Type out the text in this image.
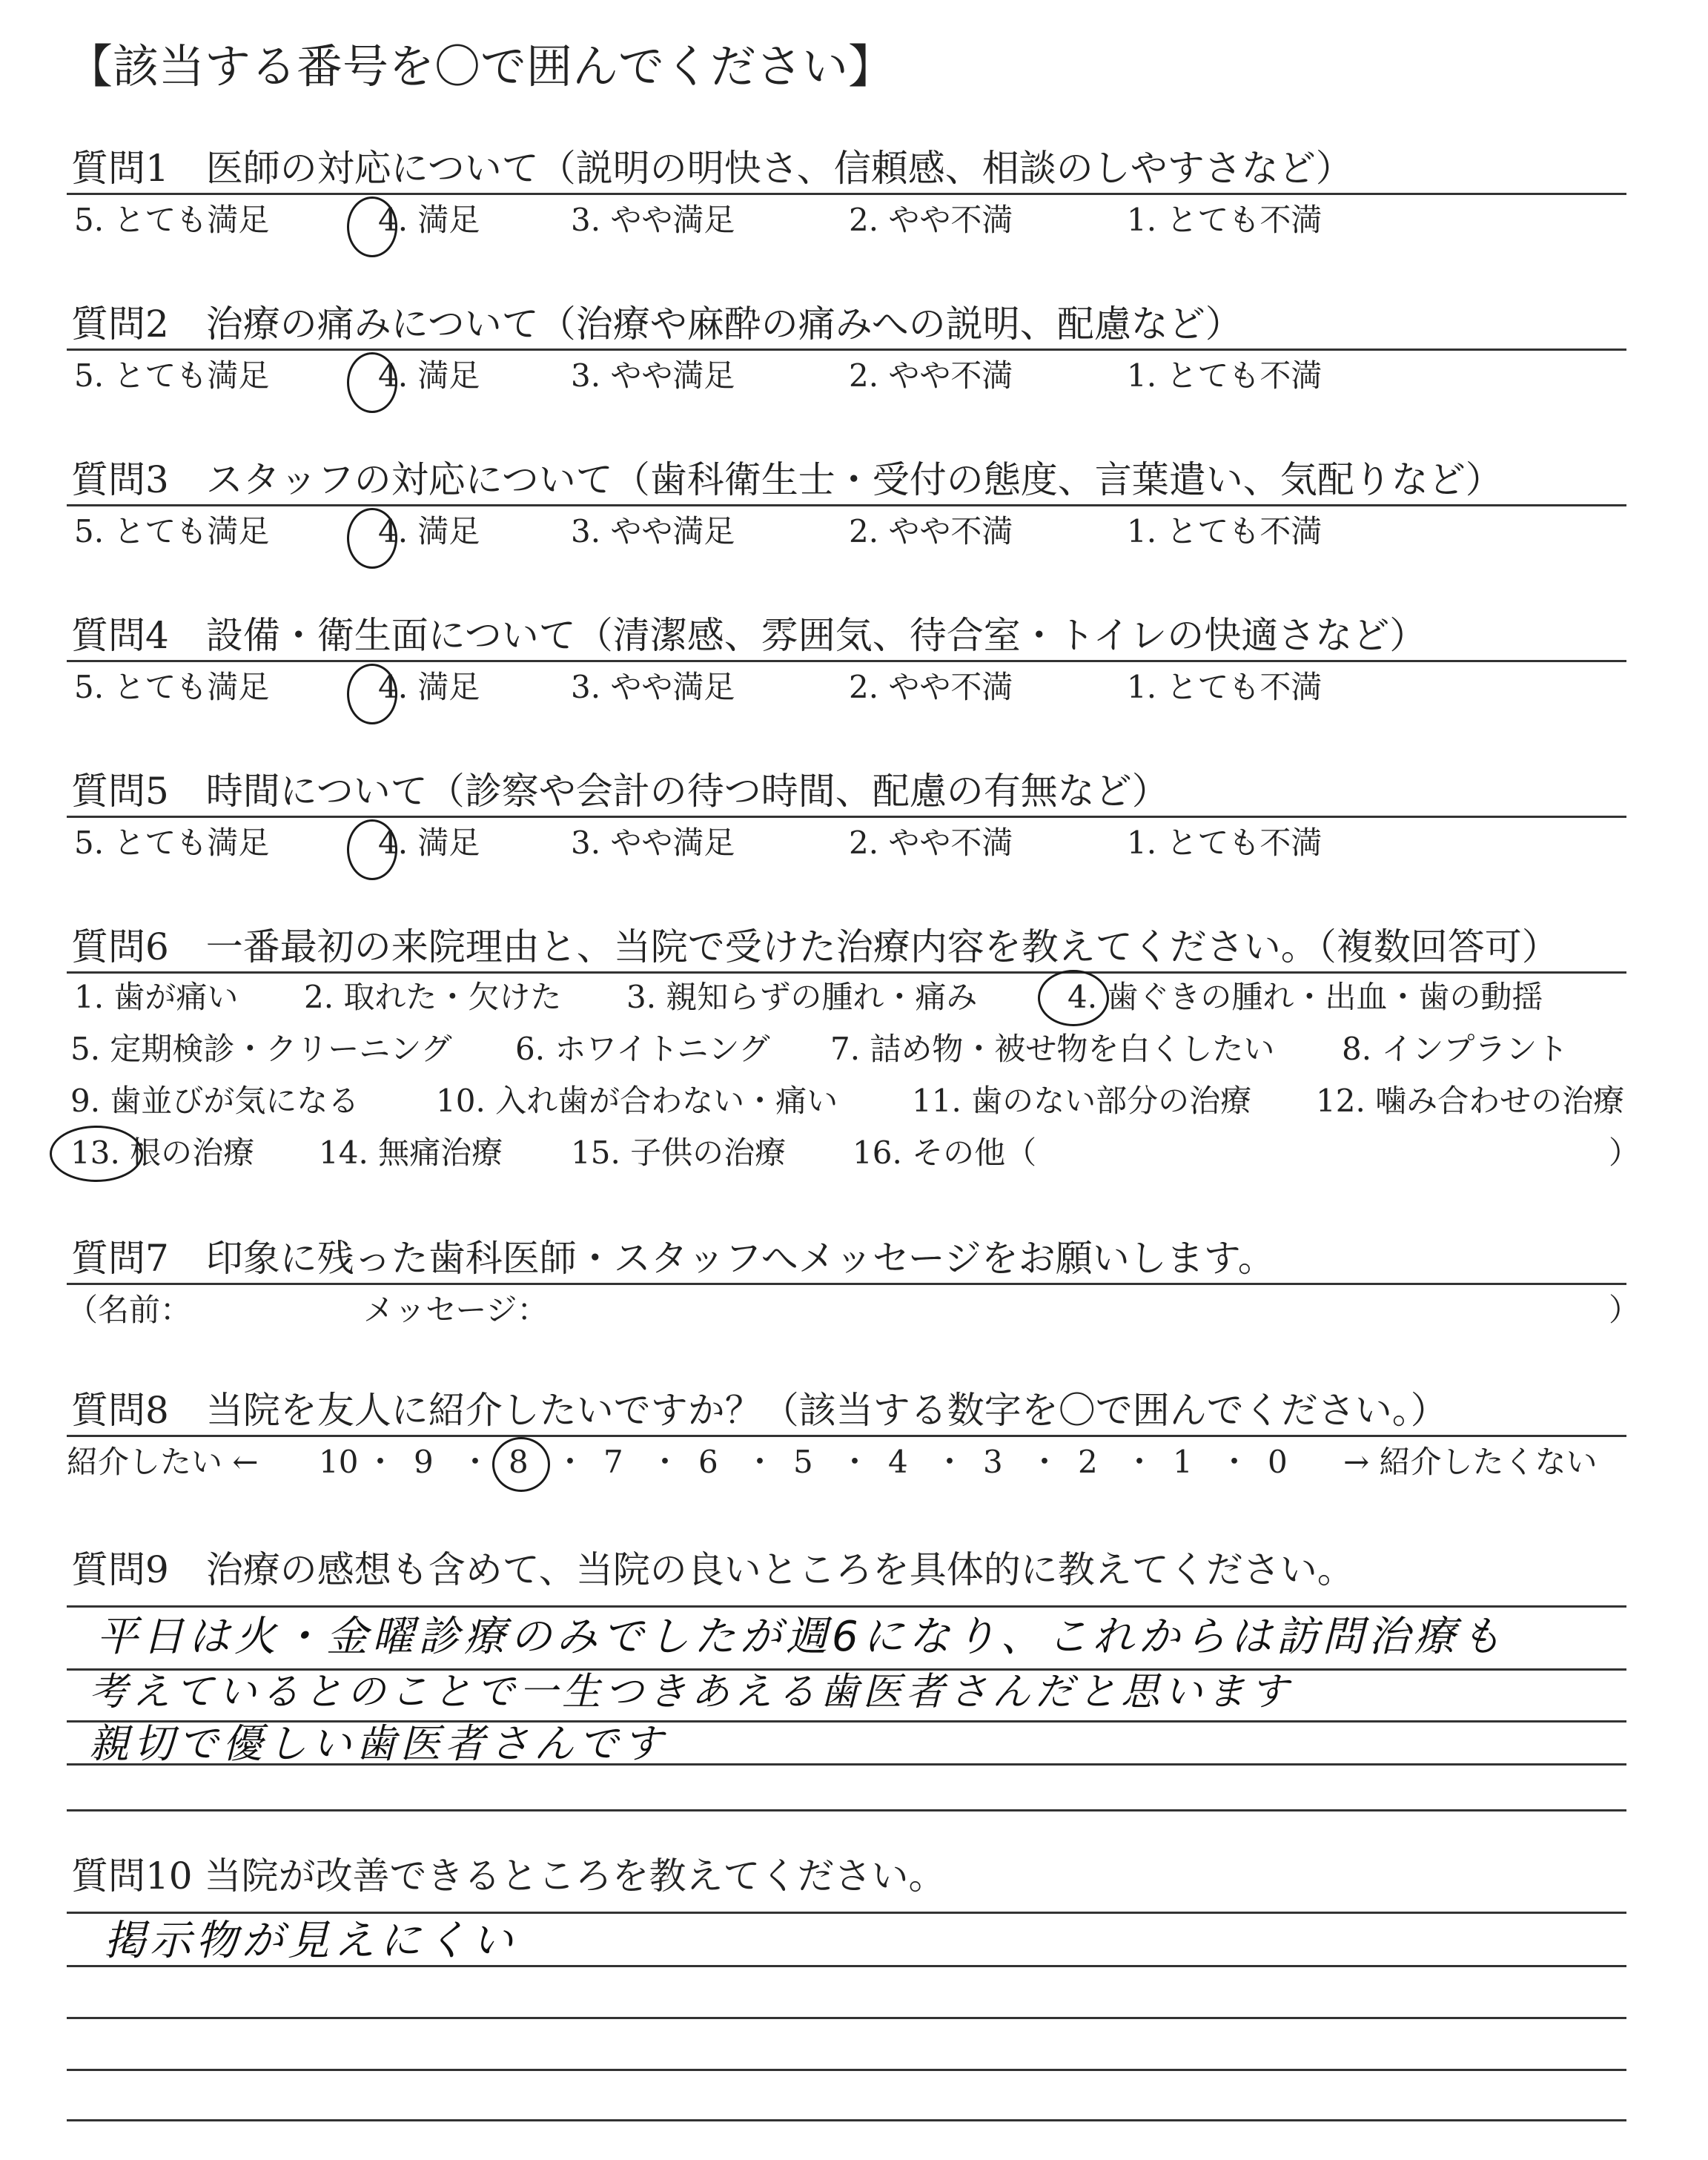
【該当する番号を〇で囲んでください】
質問1　医師の対応について（説明の明快さ、信頼感、相談のしやすさなど）
5. とても満足	4. 満足	3. やや満足	2. やや不満	1. とても不満
質問2　治療の痛みについて（治療や麻酔の痛みへの説明、配慮など）
5. とても満足	4. 満足	3. やや満足	2. やや不満	1. とても不満
質問3　スタッフの対応について（歯科衛生士・受付の態度、言葉遣い、気配りなど）
5. とても満足	4. 満足	3. やや満足	2. やや不満	1. とても不満
質問4　設備・衛生面について（清潔感、雰囲気、待合室・トイレの快適さなど）
5. とても満足	4. 満足	3. やや満足	2. やや不満	1. とても不満
質問5　時間について（診察や会計の待つ時間、配慮の有無など）
5. とても満足	4. 満足	3. やや満足	2. やや不満	1. とても不満
質問6　一番最初の来院理由と、当院で受けた治療内容を教えてください。（複数回答可）
1. 歯が痛い 2. 取れた・欠けた 3. 親知らずの腫れ・痛み	4. 歯ぐきの腫れ・出血・歯の動揺
5. 定期検診・クリーニング 6. ホワイトニング 7. 詰め物・被せ物を白くしたい 8. インプラント
9. 歯並びが気になる 10. 入れ歯が合わない・痛い 11. 歯のない部分の治療 12. 噛み合わせの治療
13. 根の治療 14. 無痛治療 15. 子供の治療 16. その他（	）
質問7　印象に残った歯科医師・スタッフへメッセージをお願いします。
（名前：	メッセージ：	）
質問8　当院を友人に紹介したいですか？（該当する数字を〇で囲んでください。）
紹介したい ← 10 ・ 9 ・ 8 ・ 7 ・ 6 ・ 5 ・ 4 ・ 3 ・ 2 ・ 1 ・ 0 → 紹介したくない
質問9　治療の感想も含めて、当院の良いところを具体的に教えてください。
平日は火・金曜診療のみでしたが週6になり、これからは訪問治療も
考えているとのことで一生つきあえる歯医者さんだと思います
親切で優しい歯医者さんです
質問10 当院が改善できるところを教えてください。
掲示物が見えにくい
